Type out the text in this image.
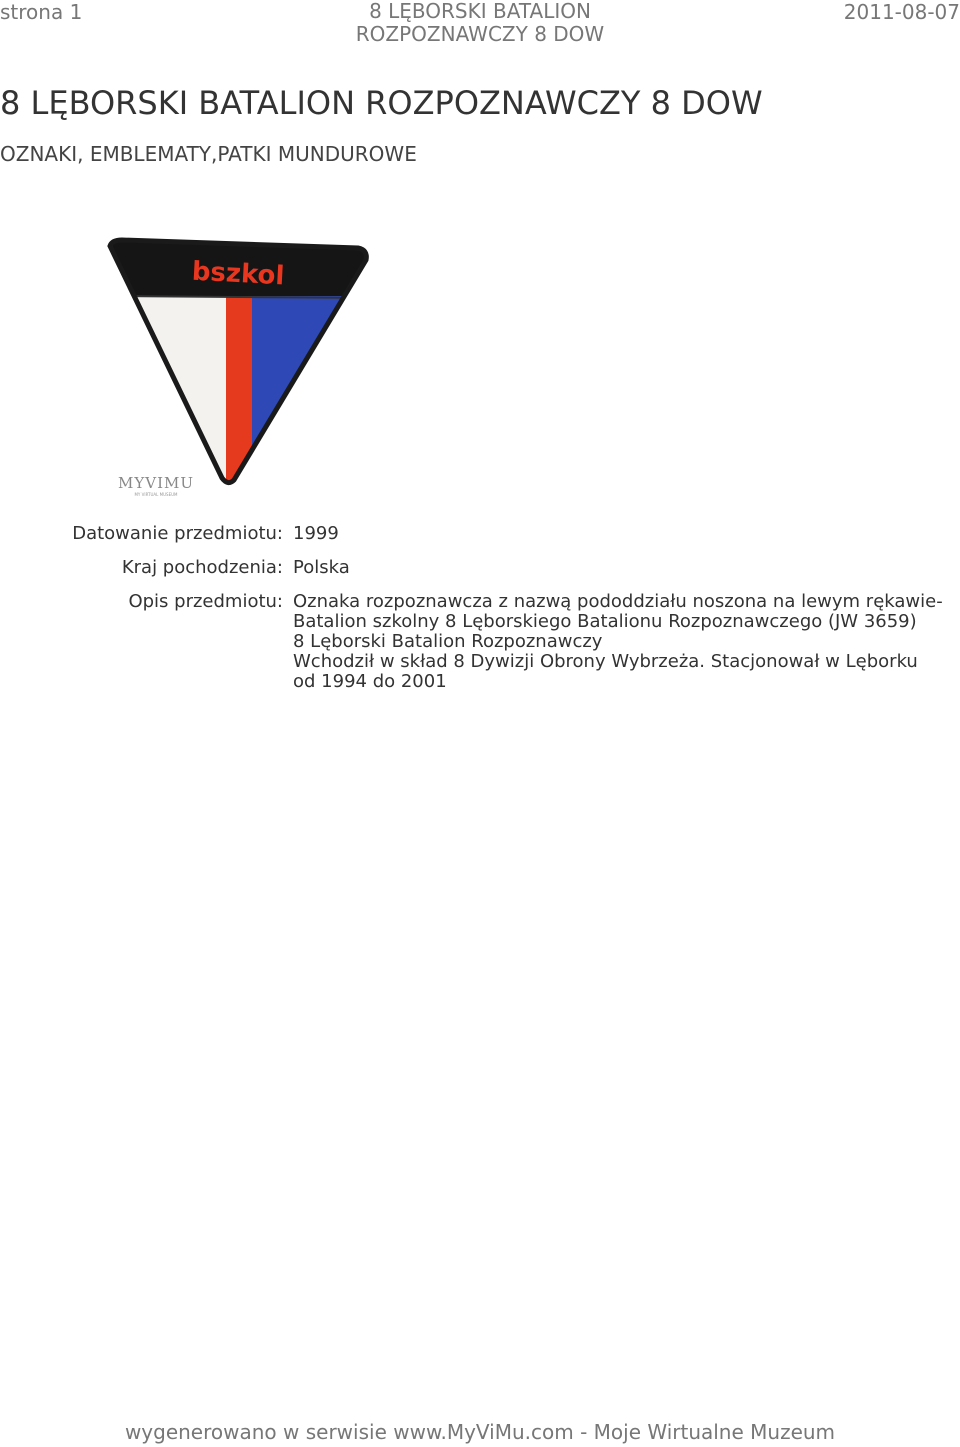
strona 1	8 LĘBORSKI BATALION
ROZPOZNAWCZY 8 DOW
2011-08-07
8 LĘBORSKI BATALION ROZPOZNAWCZY 8 DOW
OZNAKI, EMBLEMATY,PATKI MUNDUROWE
bszkol
MYVIMU
MY VIRTUAL MUSEUM
Datowanie przedmiotu: 1999
Kraj pochodzenia: Polska
Opis przedmiotu: Oznaka rozpoznawcza z nazwą pododdziału noszona na lewym rękawie-
Batalion szkolny 8 Lęborskiego Batalionu Rozpoznawczego (JW 3659)
8 Lęborski Batalion Rozpoznawczy
Wchodził w skład 8 Dywizji Obrony Wybrzeża. Stacjonował w Lęborku
od 1994 do 2001
wygenerowano w serwisie www.MyViMu.com - Moje Wirtualne Muzeum
